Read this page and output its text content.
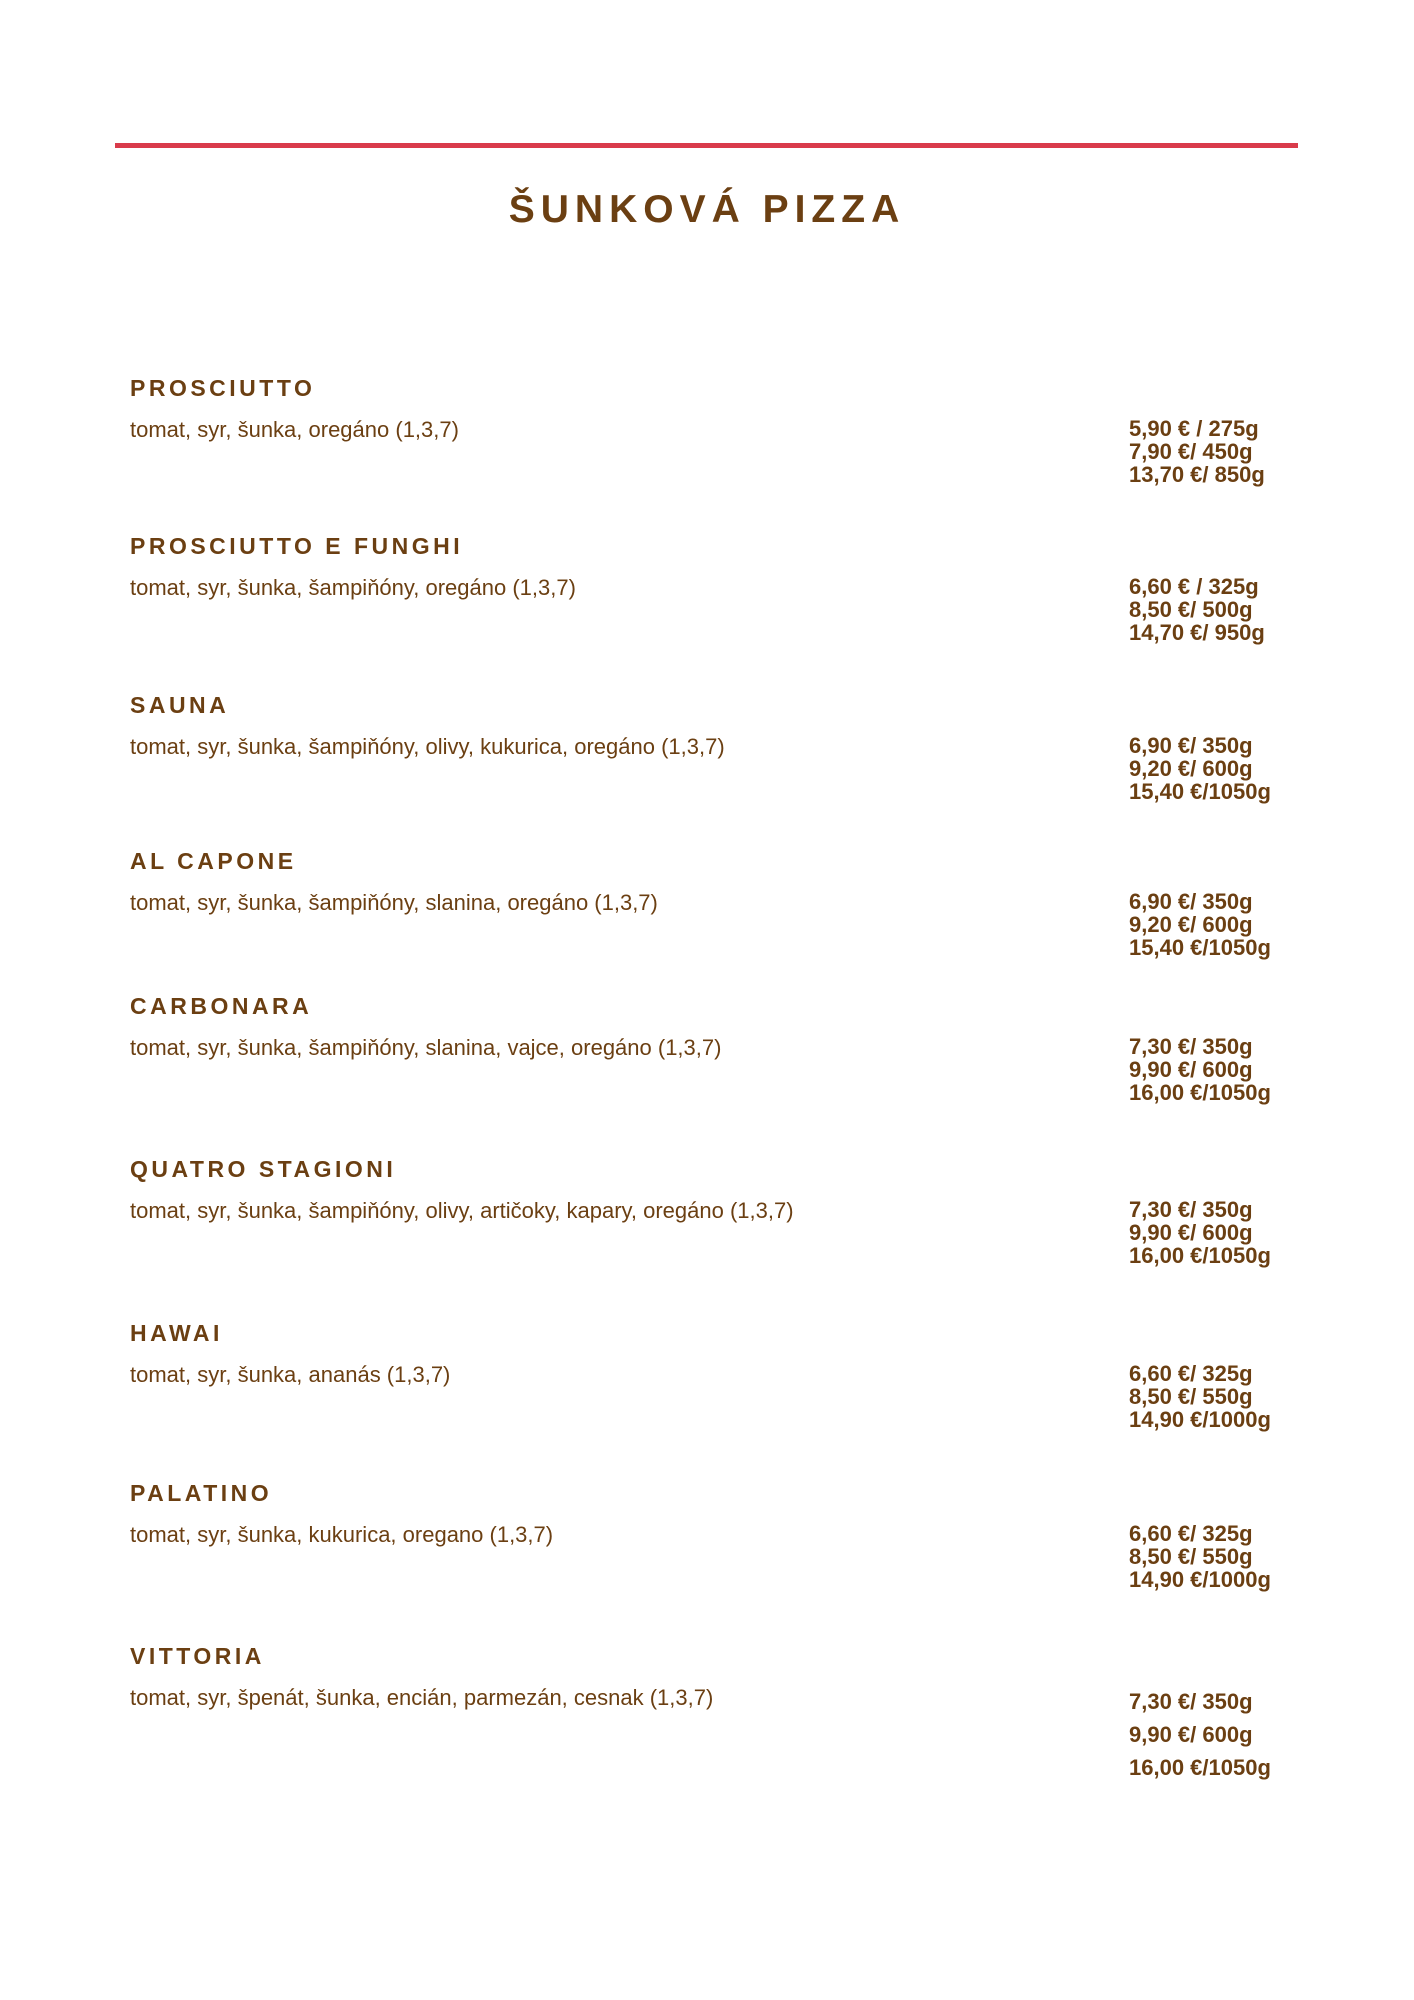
ŠUNKOVÁ PIZZA
PROSCIUTTO
tomat, syr, šunka, oregáno (1,3,7)	5,90 € / 275g
7,90 €/ 450g
13,70 €/ 850g
PROSCIUTTO E FUNGHI
tomat, syr, šunka, šampiňóny, oregáno (1,3,7)	6,60 € / 325g
8,50 €/ 500g
14,70 €/ 950g
SAUNA
tomat, syr, šunka, šampiňóny, olivy, kukurica, oregáno (1,3,7)	6,90 €/ 350g
9,20 €/ 600g
15,40 €/1050g
AL CAPONE
tomat, syr, šunka, šampiňóny, slanina, oregáno (1,3,7)	6,90 €/ 350g
9,20 €/ 600g
15,40 €/1050g
CARBONARA
tomat, syr, šunka, šampiňóny, slanina, vajce, oregáno (1,3,7)	7,30 €/ 350g
9,90 €/ 600g
16,00 €/1050g
QUATRO STAGIONI
tomat, syr, šunka, šampiňóny, olivy, artičoky, kapary, oregáno (1,3,7)	7,30 €/ 350g
9,90 €/ 600g
16,00 €/1050g
HAWAI
tomat, syr, šunka, ananás (1,3,7)	6,60 €/ 325g
8,50 €/ 550g
14,90 €/1000g
PALATINO
tomat, syr, šunka, kukurica, oregano (1,3,7)	6,60 €/ 325g
8,50 €/ 550g
14,90 €/1000g
VITTORIA
tomat, syr, špenát, šunka, encián, parmezán, cesnak (1,3,7)	7,30 €/ 350g
9,90 €/ 600g
16,00 €/1050g
